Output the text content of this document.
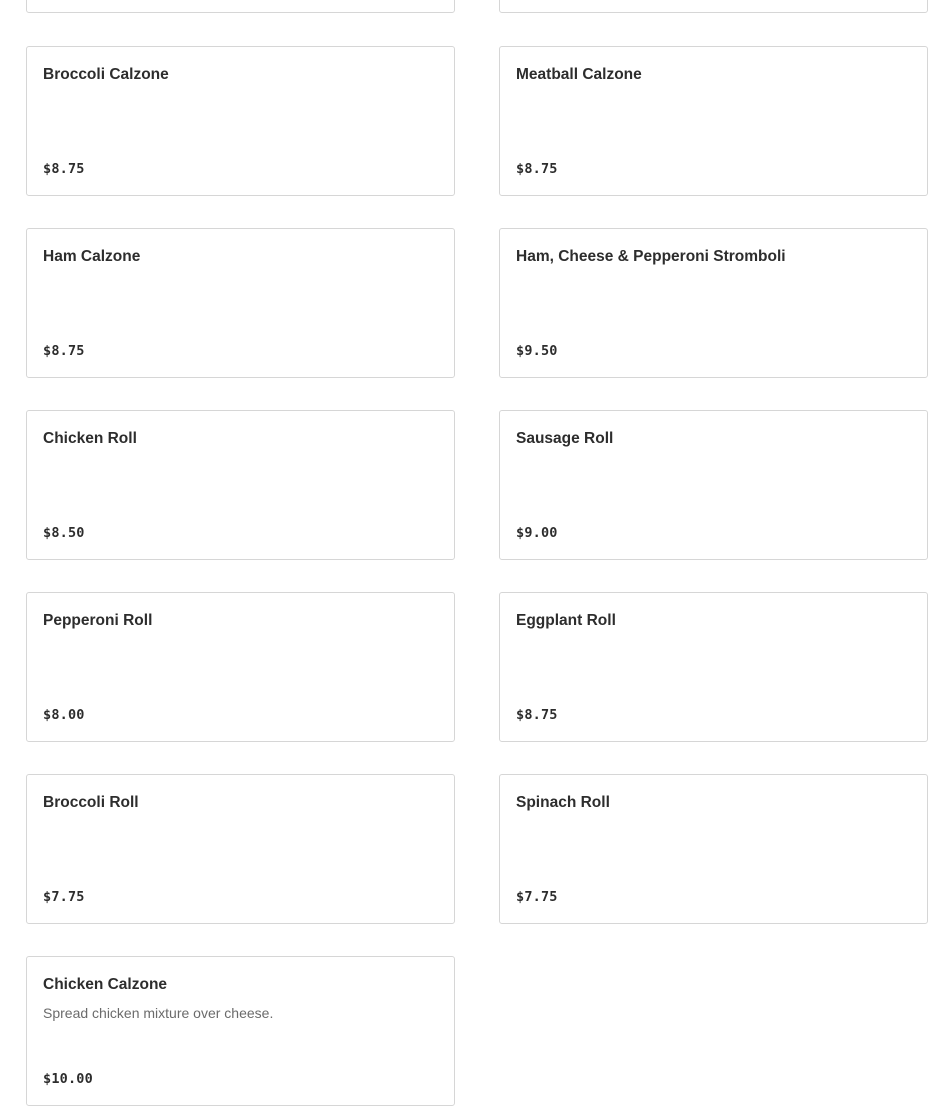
Broccoli Calzone
$8.75
Meatball Calzone
$8.75
Ham Calzone
$8.75
Ham, Cheese & Pepperoni Stromboli
$9.50
Chicken Roll
$8.50
Sausage Roll
$9.00
Pepperoni Roll
$8.00
Eggplant Roll
$8.75
Broccoli Roll
$7.75
Spinach Roll
$7.75
Chicken Calzone
Spread chicken mixture over cheese.
$10.00
